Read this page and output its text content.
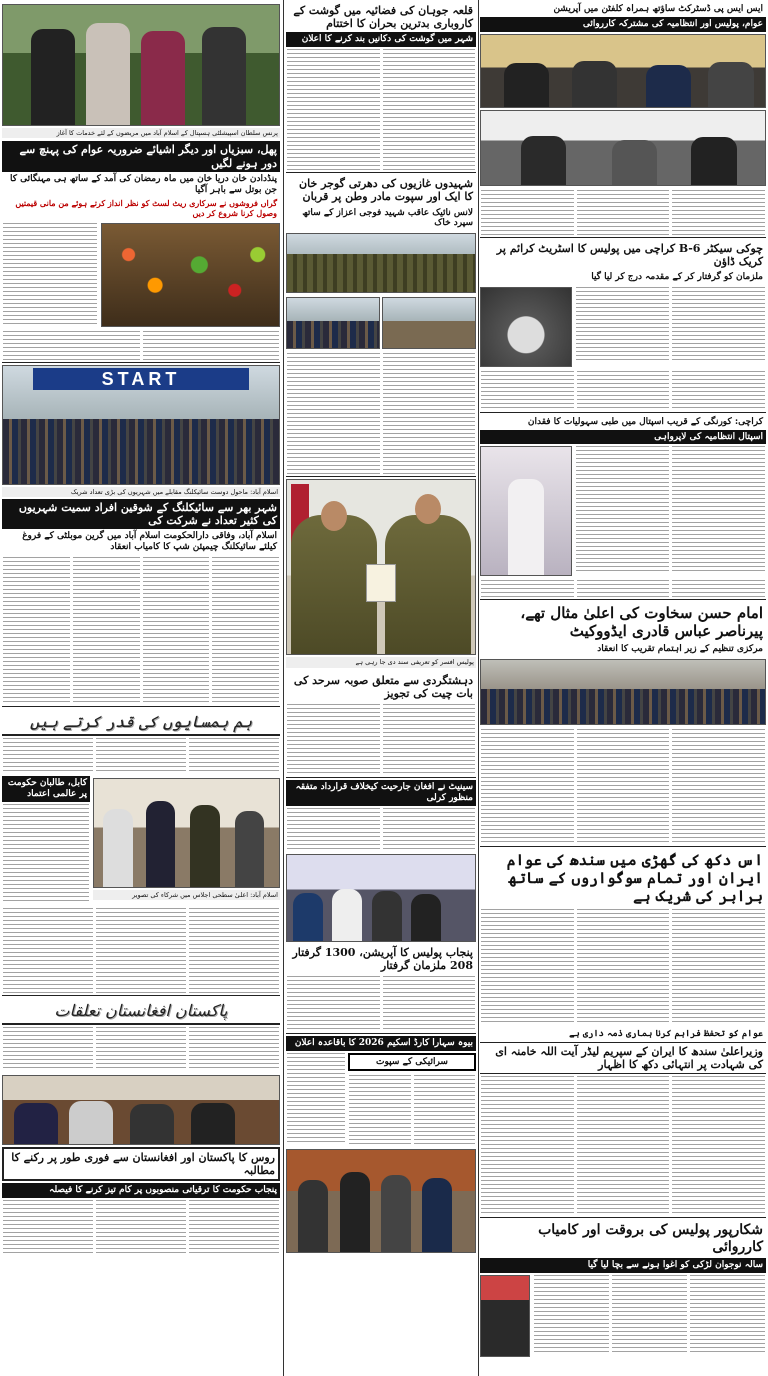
پرنس سلطان اسپیشلٹی ہسپتال کے اسلام آباد میں مریضوں کے لئے خدمات کا آغاز
پھل، سبزیاں اور دیگر اشیائے ضروریہ عوام کی پہنچ سے دور ہونے لگیں
پنڈدادن خان دریا خان میں ماہ رمضان کی آمد کے ساتھ ہی مہنگائی کا جن بوتل سے باہر آگیا
گراں فروشوں نے سرکاری ریٹ لسٹ کو نظر انداز کرتے ہوئے من مانی قیمتیں وصول کرنا شروع کر دیں
START
اسلام آباد: ماحول دوست سائیکلنگ مقابلے میں شہریوں کی بڑی تعداد شریک
شہر بھر سے سائیکلنگ کے شوقین افراد سمیت شہریوں کی کثیر تعداد نے شرکت کی
اسلام آباد، وفاقی دارالحکومت اسلام آباد میں گرین موبلٹی کے فروغ کیلئے سائیکلنگ چیمپئن شپ کا کامیاب انعقاد
ہم ہمسایوں کی قدر کرتے ہیں
کابل، طالبان حکومت پر عالمی اعتماد
اسلام آباد: اعلیٰ سطحی اجلاس میں شرکاء کی تصویر
پاکستان افغانستان تعلقات
روس کا پاکستان اور افغانستان سے فوری طور پر رکنے کا مطالبہ
پنجاب حکومت کا ترقیاتی منصوبوں پر کام تیز کرنے کا فیصلہ
قلعہ جوہان کی فضائیہ میں گوشت کے کاروباری بدترین بحران کا اختتام
شہر میں گوشت کی دکانیں بند کرنے کا اعلان
شہیدوں غازیوں کی دھرتی گوجر خان کا ایک اور سپوت مادر وطن پر قربان
لانس نائیک عاقب شہید فوجی اعزاز کے ساتھ سپرد خاک
پولیس افسر کو تعریفی سند دی جا رہی ہے
دہشتگردی سے متعلق صوبہ سرحد کی بات چیت کی تجویز
سینیٹ نے افغان جارحیت کیخلاف قرارداد متفقہ منظور کرلی
پنجاب پولیس کا آپریشن، 1300 گرفتار 208 ملزمان گرفتار
بیوہ سہارا کارڈ اسکیم 2026 کا باقاعدہ اعلان
سرائیکی کے سپوت
ایس ایس پی ڈسٹرکٹ ساؤتھ ہمراہ کلفٹن میں آپریشن
عوام، پولیس اور انتظامیہ کی مشترکہ کارروائی
چوکی سیکٹر 6-B کراچی میں پولیس کا اسٹریٹ کرائم پر کریک ڈاؤن
ملزمان کو گرفتار کر کے مقدمہ درج کر لیا گیا
کراچی: کورنگی کے قریب اسپتال میں طبی سہولیات کا فقدان
اسپتال انتظامیہ کی لاپرواہی
امام حسن سخاوت کی اعلیٰ مثال تھے، پیرناصر عباس قادری ایڈووکیٹ
مرکزی تنظیم کے زیر اہتمام تقریب کا انعقاد
اس دکھ کی گھڑی میں سندھ کی عوام ایران اور تمام سوگواروں کے ساتھ برابر کی شریک ہے
عوام کو تحفظ فراہم کرنا ہماری ذمہ داری ہے
وزیراعلیٰ سندھ کا ایران کے سپریم لیڈر آیت اللہ خامنہ ای کی شہادت پر انتہائی دکھ کا اظہار
شکارپور پولیس کی بروقت اور کامیاب کارروائی
سالہ نوجوان لڑکی کو اغوا ہونے سے بچا لیا گیا
